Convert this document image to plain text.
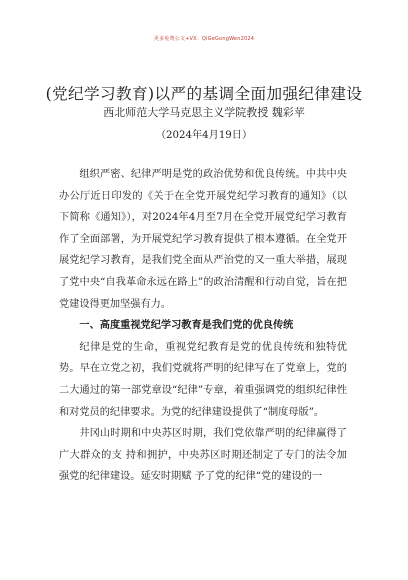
更多免费公文+VX：QiGeGongWen2024
(党纪学习教育)以严的基调全面加强纪律建设
西北师范大学马克思主义学院教授 魏彩苹
（2024年4月19日）

组织严密、纪律严明是党的政治优势和优良传统。中共中央办公厅近日印发的《关于在全党开展党纪学习教育的通知》（以下简称《通知》），对2024年4月至7月在全党开展党纪学习教育作了全面部署，为开展党纪学习教育提供了根本遵循。在全党开展党纪学习教育，是我们党全面从严治党的又一重大举措，展现了党中央“自我革命永远在路上”的政治清醒和行动自觉，旨在把党建设得更加坚强有力。

一、高度重视党纪学习教育是我们党的优良传统

纪律是党的生命，重视党纪教育是党的优良传统和独特优势。早在立党之初，我们党就将严明的纪律写在了党章上，党的二大通过的第一部党章设“纪律”专章，着重强调党的组织纪律性和对党员的纪律要求。为党的纪律建设提供了“制度母版”。

井冈山时期和中央苏区时期，我们党依靠严明的纪律赢得了广大群众的支 持和拥护，中央苏区时期还制定了专门的法令加强党的纪律建设。延安时期赋 予了党的纪律“党的建设的一
